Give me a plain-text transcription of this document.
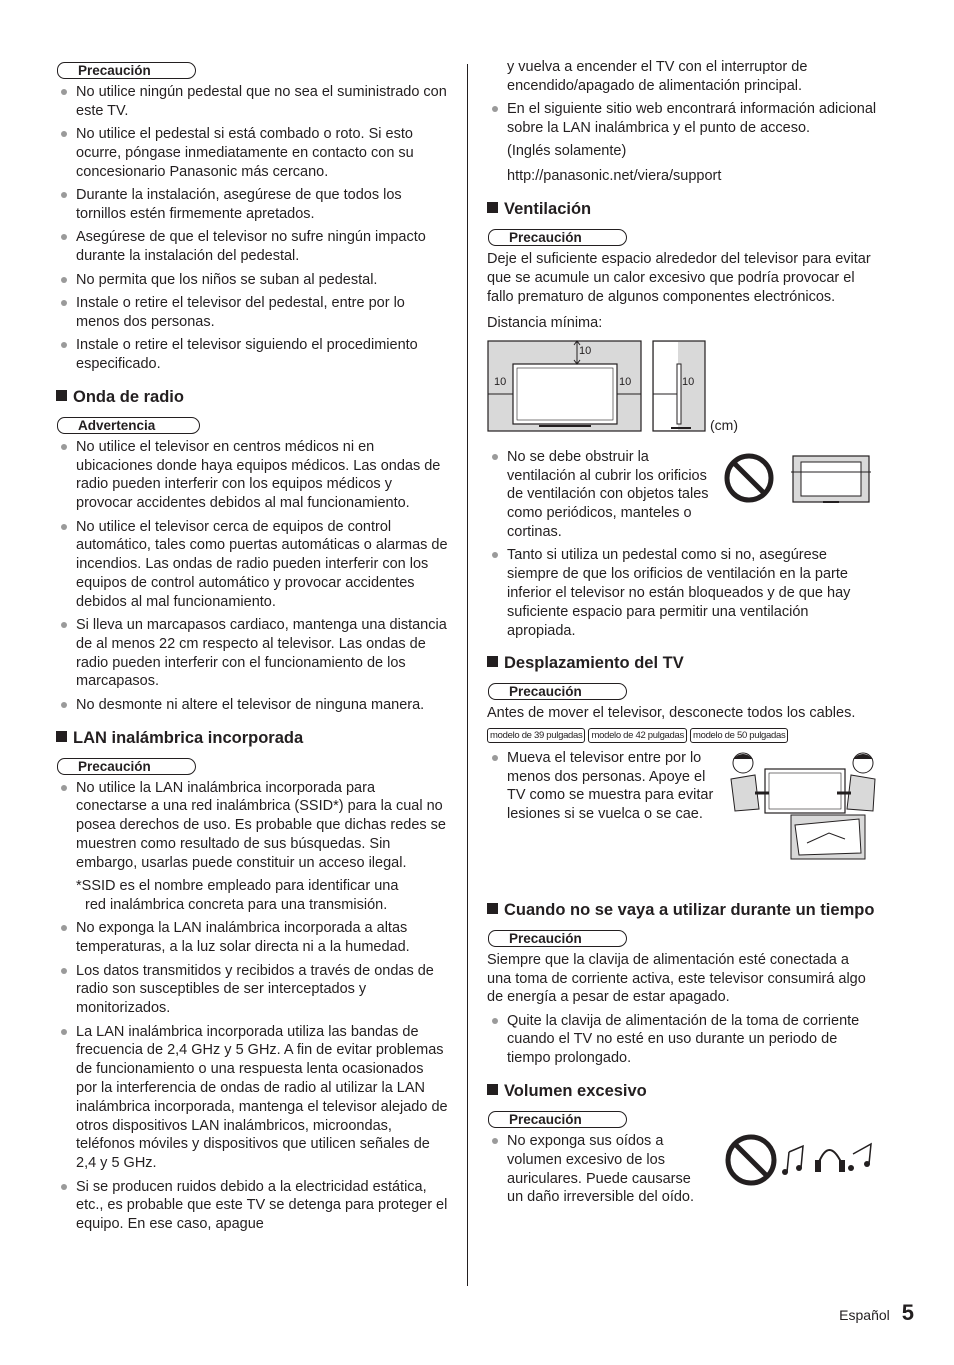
Precaución
No utilice ningún pedestal que no sea el suministrado con este TV.
No utilice el pedestal si está combado o roto. Si esto ocurre, póngase inmediatamente en contacto con su concesionario Panasonic más cercano.
Durante la instalación, asegúrese de que todos los tornillos estén firmemente apretados.
Asegúrese de que el televisor no sufre ningún impacto durante la instalación del pedestal.
No permita que los niños se suban al pedestal.
Instale o retire el televisor del pedestal, entre por lo menos dos personas.
Instale o retire el televisor siguiendo el procedimiento especificado.
Onda de radio
Advertencia
No utilice el televisor en centros médicos ni en ubicaciones donde haya equipos médicos. Las ondas de radio pueden interferir con los equipos médicos y provocar accidentes debidos al mal funcionamiento.
No utilice el televisor cerca de equipos de control automático, tales como puertas automáticas o alarmas de incendios. Las ondas de radio pueden interferir con los equipos de control automático y provocar accidentes debidos al mal funcionamiento.
Si lleva un marcapasos cardiaco, mantenga una distancia de al menos 22 cm respecto al televisor. Las ondas de radio pueden interferir con el funcionamiento de los marcapasos.
No desmonte ni altere el televisor de ninguna manera.
LAN inalámbrica incorporada
Precaución
No utilice la LAN inalámbrica incorporada para conectarse a una red inalámbrica (SSID*) para la cual no posea derechos de uso. Es probable que dichas redes se muestren como resultado de sus búsquedas. Sin embargo, usarlas puede constituir un acceso ilegal.
*SSID es el nombre empleado para identificar una
red inalámbrica concreta para una transmisión.
No exponga la LAN inalámbrica incorporada a altas temperaturas, a la luz solar directa ni a la humedad.
Los datos transmitidos y recibidos a través de ondas de radio son susceptibles de ser interceptados y monitorizados.
La LAN inalámbrica incorporada utiliza las bandas de frecuencia de 2,4 GHz y 5 GHz. A fin de evitar problemas de funcionamiento o una respuesta lenta ocasionados por la interferencia de ondas de radio al utilizar la LAN inalámbrica incorporada, mantenga el televisor alejado de otros dispositivos LAN inalámbricos, microondas, teléfonos móviles y dispositivos que utilicen señales de 2,4 y 5 GHz.
Si se producen ruidos debido a la electricidad estática, etc., es probable que este TV se detenga para proteger el equipo. En ese caso, apague
y vuelva a encender el TV con el interruptor de encendido/apagado de alimentación principal.
En el siguiente sitio web encontrará información adicional sobre la LAN inalámbrica y el punto de acceso.
(Inglés solamente)
http://panasonic.net/viera/support
Ventilación
Precaución
Deje el suficiente espacio alrededor del televisor para evitar que se acumule un calor excesivo que podría provocar el fallo prematuro de algunos componentes electrónicos.
Distancia mínima:
10
10	10	10
(cm)
No se debe obstruir la ventilación al cubrir los orificios de ventilación con objetos tales como periódicos, manteles o cortinas.
Tanto si utiliza un pedestal como si no, asegúrese siempre de que los orificios de ventilación en la parte inferior el televisor no están bloqueados y de que hay suficiente espacio para permitir una ventilación apropiada.
Desplazamiento del TV
Precaución
Antes de mover el televisor, desconecte todos los cables.
modelo de 39 pulgadas modelo de 42 pulgadas modelo de 50 pulgadas
Mueva el televisor entre por lo menos dos personas. Apoye el TV como se muestra para evitar lesiones si se vuelca o se cae.
Cuando no se vaya a utilizar durante un tiempo
Precaución
Siempre que la clavija de alimentación esté conectada a una toma de corriente activa, este televisor consumirá algo de energía a pesar de estar apagado.
Quite la clavija de alimentación de la toma de corriente cuando el TV no esté en uso durante un periodo de tiempo prolongado.
Volumen excesivo
Precaución
No exponga sus oídos a volumen excesivo de los auriculares. Puede causarse un daño irreversible del oído.
Español 5
